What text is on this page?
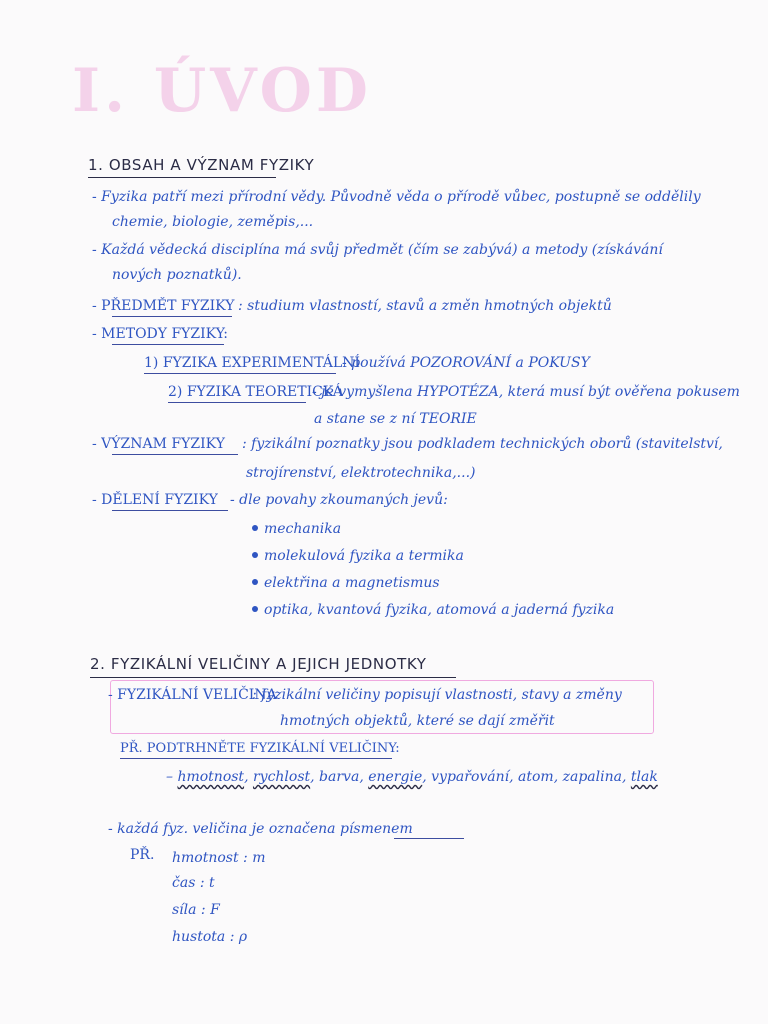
I. ÚVOD
1. OBSAH A VÝZNAM FYZIKY
- Fyzika patří mezi přírodní vědy. Původně věda o přírodě vůbec, postupně se oddělily
chemie, biologie, zeměpis,...
- Každá vědecká disciplína má svůj předmět (čím se zabývá) a metody (získávání
nových poznatků).
- PŘEDMĚT FYZIKY : studium vlastností, stavů a změn hmotných objektů
- METODY FYZIKY:
1) FYZIKA EXPERIMENTÁLNÍ
- používá POZOROVÁNÍ a POKUSY
2) FYZIKA TEORETICKÁ
- je vymyšlena HYPOTÉZA, která musí být ověřena pokusem
a stane se z ní TEORIE
- VÝZNAM FYZIKY : fyzikální poznatky jsou podkladem technických oborů (stavitelství,
strojírenství, elektrotechnika,...)
- DĚLENÍ FYZIKY - dle povahy zkoumaných jevů:
mechanika
molekulová fyzika a termika
elektřina a magnetismus
optika, kvantová fyzika, atomová a jaderná fyzika
2. FYZIKÁLNÍ VELIČINY A JEJICH JEDNOTKY
- FYZIKÁLNÍ VELIČINA
: fyzikální veličiny popisují vlastnosti, stavy a změny
hmotných objektů, které se dají změřit
PŘ. PODTRHNĚTE FYZIKÁLNÍ VELIČINY:
– hmotnost, rychlost, barva, energie, vypařování, atom, zapalina, tlak
- každá fyz. veličina je označena písmenem
PŘ. hmotnost : m
čas : t
síla : F
hustota : ρ
